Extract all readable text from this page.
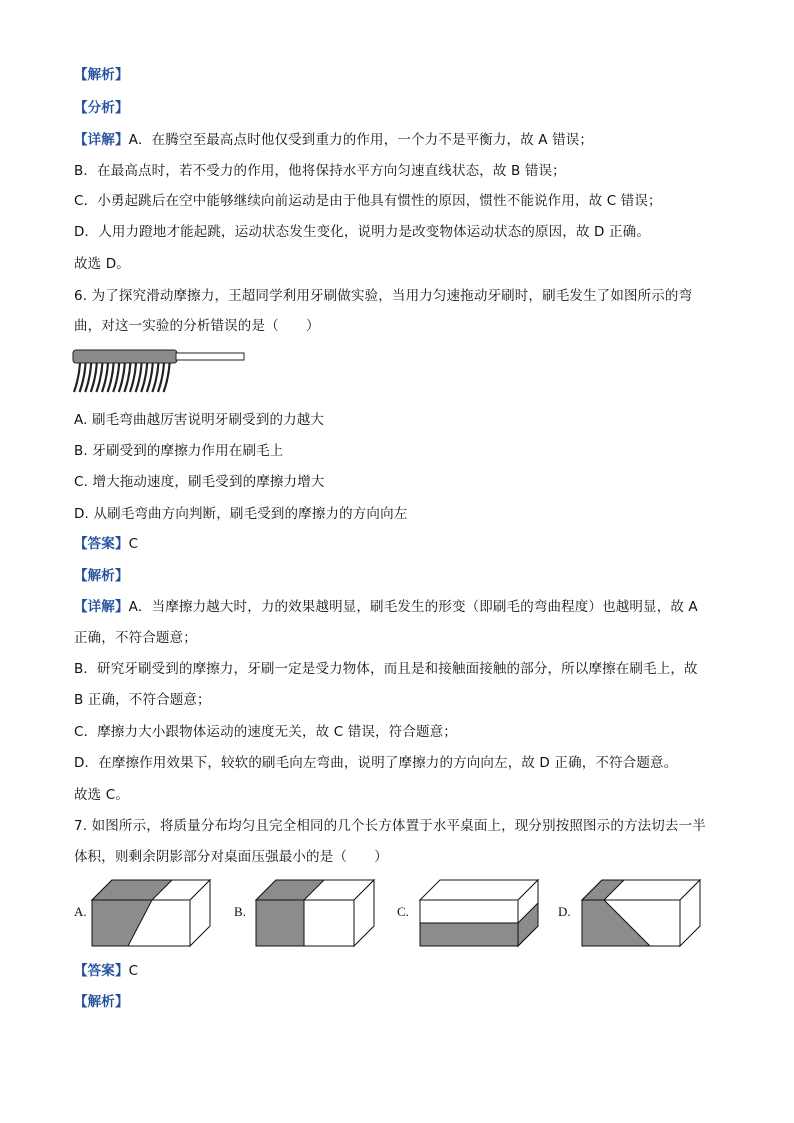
【解析】
【分析】
【详解】A．在腾空至最高点时他仅受到重力的作用，一个力不是平衡力，故 A 错误；
B．在最高点时，若不受力的作用，他将保持水平方向匀速直线状态，故 B 错误；
C．小勇起跳后在空中能够继续向前运动是由于他具有惯性的原因，惯性不能说作用，故 C 错误；
D．人用力蹬地才能起跳，运动状态发生变化，说明力是改变物体运动状态的原因，故 D 正确。
故选 D。
6. 为了探究滑动摩擦力，王超同学利用牙刷做实验，当用力匀速拖动牙刷时，刷毛发生了如图所示的弯
曲，对这一实验的分析错误的是（　　）
A. 刷毛弯曲越厉害说明牙刷受到的力越大
B. 牙刷受到的摩擦力作用在刷毛上
C. 增大拖动速度，刷毛受到的摩擦力增大
D. 从刷毛弯曲方向判断，刷毛受到的摩擦力的方向向左
【答案】C
【解析】
【详解】A．当摩擦力越大时，力的效果越明显，刷毛发生的形变（即刷毛的弯曲程度）也越明显，故 A
正确，不符合题意；
B．研究牙刷受到的摩擦力，牙刷一定是受力物体，而且是和接触面接触的部分，所以摩擦在刷毛上，故
B 正确，不符合题意；
C．摩擦力大小跟物体运动的速度无关，故 C 错误，符合题意；
D．在摩擦作用效果下，较软的刷毛向左弯曲，说明了摩擦力的方向向左，故 D 正确，不符合题意。
故选 C。
7. 如图所示，将质量分布均匀且完全相同的几个长方体置于水平桌面上，现分别按照图示的方法切去一半
体积，则剩余阴影部分对桌面压强最小的是（　　）
A.	B.	C.	D.
【答案】C
【解析】
